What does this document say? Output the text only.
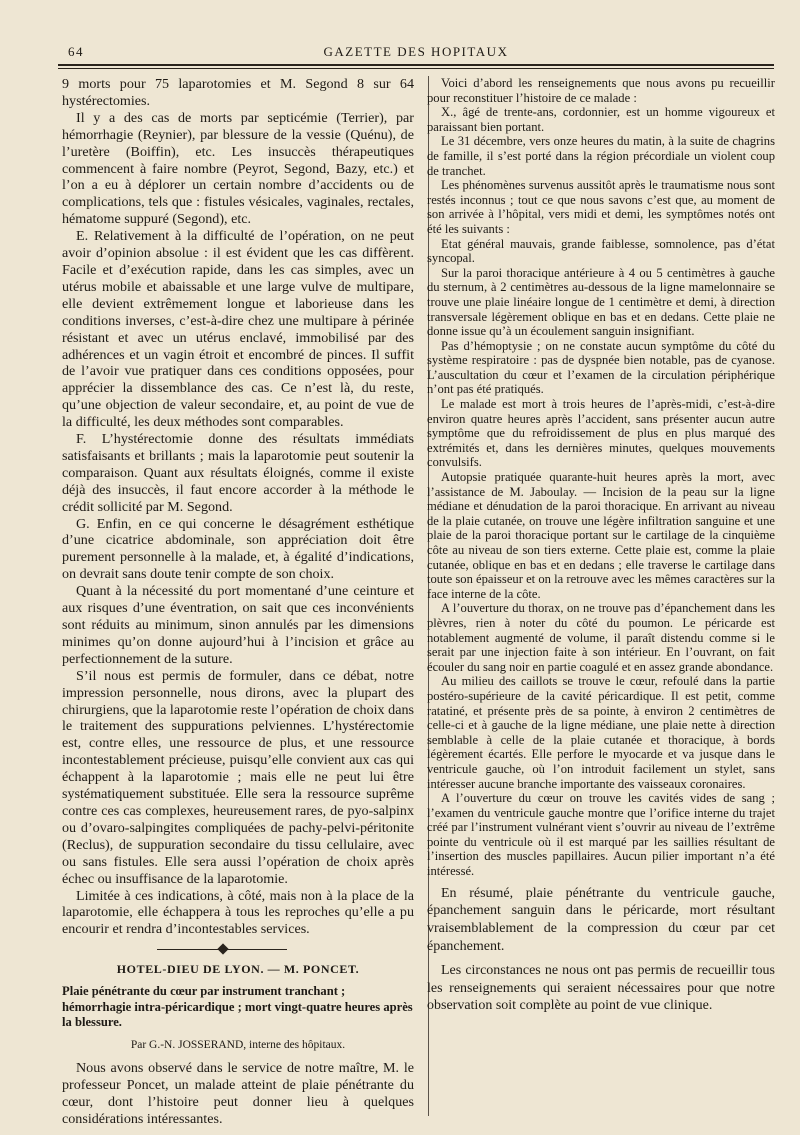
64	GAZETTE DES HOPITAUX

9 morts pour 75 laparotomies et M. Segond 8 sur 64 hystérectomies.

Il y a des cas de morts par septicémie (Terrier), par hémorrhagie (Reynier), par blessure de la vessie (Quénu), de l’uretère (Boiffin), etc. Les insuccès thérapeutiques commencent à faire nombre (Peyrot, Segond, Bazy, etc.) et l’on a eu à déplorer un certain nombre d’accidents ou de complications, tels que : fistules vésicales, vaginales, rectales, hématome suppuré (Segond), etc.

E. Relativement à la difficulté de l’opération, on ne peut avoir d’opinion absolue : il est évident que les cas diffèrent. Facile et d’exécution rapide, dans les cas simples, avec un utérus mobile et abaissable et une large vulve de multipare, elle devient extrêmement longue et laborieuse dans les conditions inverses, c’est-à-dire chez une multipare à périnée résistant et avec un utérus enclavé, immobilisé par des adhérences et un vagin étroit et encombré de pinces. Il suffit de l’avoir vue pratiquer dans ces conditions opposées, pour apprécier la dissemblance des cas. Ce n’est là, du reste, qu’une objection de valeur secondaire, et, au point de vue de la difficulté, les deux méthodes sont comparables.

F. L’hystérectomie donne des résultats immédiats satisfaisants et brillants ; mais la laparotomie peut soutenir la comparaison. Quant aux résultats éloignés, comme il existe déjà des insuccès, il faut encore accorder à la méthode le crédit sollicité par M. Segond.

G. Enfin, en ce qui concerne le désagrément esthétique d’une cicatrice abdominale, son appréciation doit être purement personnelle à la malade, et, à égalité d’indications, on devrait sans doute tenir compte de son choix.

Quant à la nécessité du port momentané d’une ceinture et aux risques d’une éventration, on sait que ces inconvénients sont réduits au minimum, sinon annulés par les dimensions minimes qu’on donne aujourd’hui à l’incision et grâce au perfectionnement de la suture.

S’il nous est permis de formuler, dans ce débat, notre impression personnelle, nous dirons, avec la plupart des chirurgiens, que la laparotomie reste l’opération de choix dans le traitement des suppurations pelviennes. L’hystérectomie est, contre elles, une ressource de plus, et une ressource incontestablement précieuse, puisqu’elle convient aux cas qui échappent à la laparotomie ; mais elle ne peut lui être systématiquement substituée. Elle sera la ressource suprême contre ces cas complexes, heureusement rares, de pyo-salpinx ou d’ovaro-salpingites compliquées de pachy-pelvi-péritonite (Reclus), de suppuration secondaire du tissu cellulaire, avec ou sans fistules. Elle sera aussi l’opération de choix après échec ou insuffisance de la laparotomie.

Limitée à ces indications, à côté, mais non à la place de la laparotomie, elle échappera à tous les reproches qu’elle a pu encourir et rendra d’incontestables services.

HOTEL-DIEU DE LYON. — M. PONCET.

Plaie pénétrante du cœur par instrument tranchant ; hémorrhagie intra-péricardique ; mort vingt-quatre heures après la blessure.

Par G.-N. JOSSERAND, interne des hôpitaux.

Nous avons observé dans le service de notre maître, M. le professeur Poncet, un malade atteint de plaie pénétrante du cœur, dont l’histoire peut donner lieu à quelques considérations intéressantes.

Voici d’abord les renseignements que nous avons pu recueillir pour reconstituer l’histoire de ce malade :

X., âgé de trente-ans, cordonnier, est un homme vigoureux et paraissant bien portant.

Le 31 décembre, vers onze heures du matin, à la suite de chagrins de famille, il s’est porté dans la région précordiale un violent coup de tranchet.

Les phénomènes survenus aussitôt après le traumatisme nous sont restés inconnus ; tout ce que nous savons c’est que, au moment de son arrivée à l’hôpital, vers midi et demi, les symptômes notés ont été les suivants :

Etat général mauvais, grande faiblesse, somnolence, pas d’état syncopal.

Sur la paroi thoracique antérieure à 4 ou 5 centimètres à gauche du sternum, à 2 centimètres au-dessous de la ligne mamelonnaire se trouve une plaie linéaire longue de 1 centimètre et demi, à direction transversale légèrement oblique en bas et en dedans. Cette plaie ne donne issue qu’à un écoulement sanguin insignifiant.

Pas d’hémoptysie ; on ne constate aucun symptôme du côté du système respiratoire : pas de dyspnée bien notable, pas de cyanose. L’auscultation du cœur et l’examen de la circulation périphérique n’ont pas été pratiqués.

Le malade est mort à trois heures de l’après-midi, c’est-à-dire environ quatre heures après l’accident, sans présenter aucun autre symptôme que du refroidissement de plus en plus marqué des extrémités et, dans les dernières minutes, quelques mouvements convulsifs.

Autopsie pratiquée quarante-huit heures après la mort, avec l’assistance de M. Jaboulay. — Incision de la peau sur la ligne médiane et dénudation de la paroi thoracique. En arrivant au niveau de la plaie cutanée, on trouve une légère infiltration sanguine et une plaie de la paroi thoracique portant sur le cartilage de la cinquième côte au niveau de son tiers externe. Cette plaie est, comme la plaie cutanée, oblique en bas et en dedans ; elle traverse le cartilage dans toute son épaisseur et on la retrouve avec les mêmes caractères sur la face interne de la côte.

A l’ouverture du thorax, on ne trouve pas d’épanchement dans les plèvres, rien à noter du côté du poumon. Le péricarde est notablement augmenté de volume, il paraît distendu comme si le serait par une injection faite à son intérieur. En l’ouvrant, on fait écouler du sang noir en partie coagulé et en assez grande abondance.

Au milieu des caillots se trouve le cœur, refoulé dans la partie postéro-supérieure de la cavité péricardique. Il est petit, comme ratatiné, et présente près de sa pointe, à environ 2 centimètres de celle-ci et à gauche de la ligne médiane, une plaie nette à direction semblable à celle de la plaie cutanée et thoracique, à bords légèrement écartés. Elle perfore le myocarde et va jusque dans le ventricule gauche, où l’on introduit facilement un stylet, sans intéresser aucune branche importante des vaisseaux coronaires.

A l’ouverture du cœur on trouve les cavités vides de sang ; l’examen du ventricule gauche montre que l’orifice interne du trajet créé par l’instrument vulnérant vient s’ouvrir au niveau de l’extrême pointe du ventricule où il est marqué par les saillies résultant de l’insertion des muscles papillaires. Aucun pilier important n’a été intéressé.

En résumé, plaie pénétrante du ventricule gauche, épanchement sanguin dans le péricarde, mort résultant vraisemblablement de la compression du cœur par cet épanchement.

Les circonstances ne nous ont pas permis de recueillir tous les renseignements qui seraient nécessaires pour que notre observation soit complète au point de vue clinique.
